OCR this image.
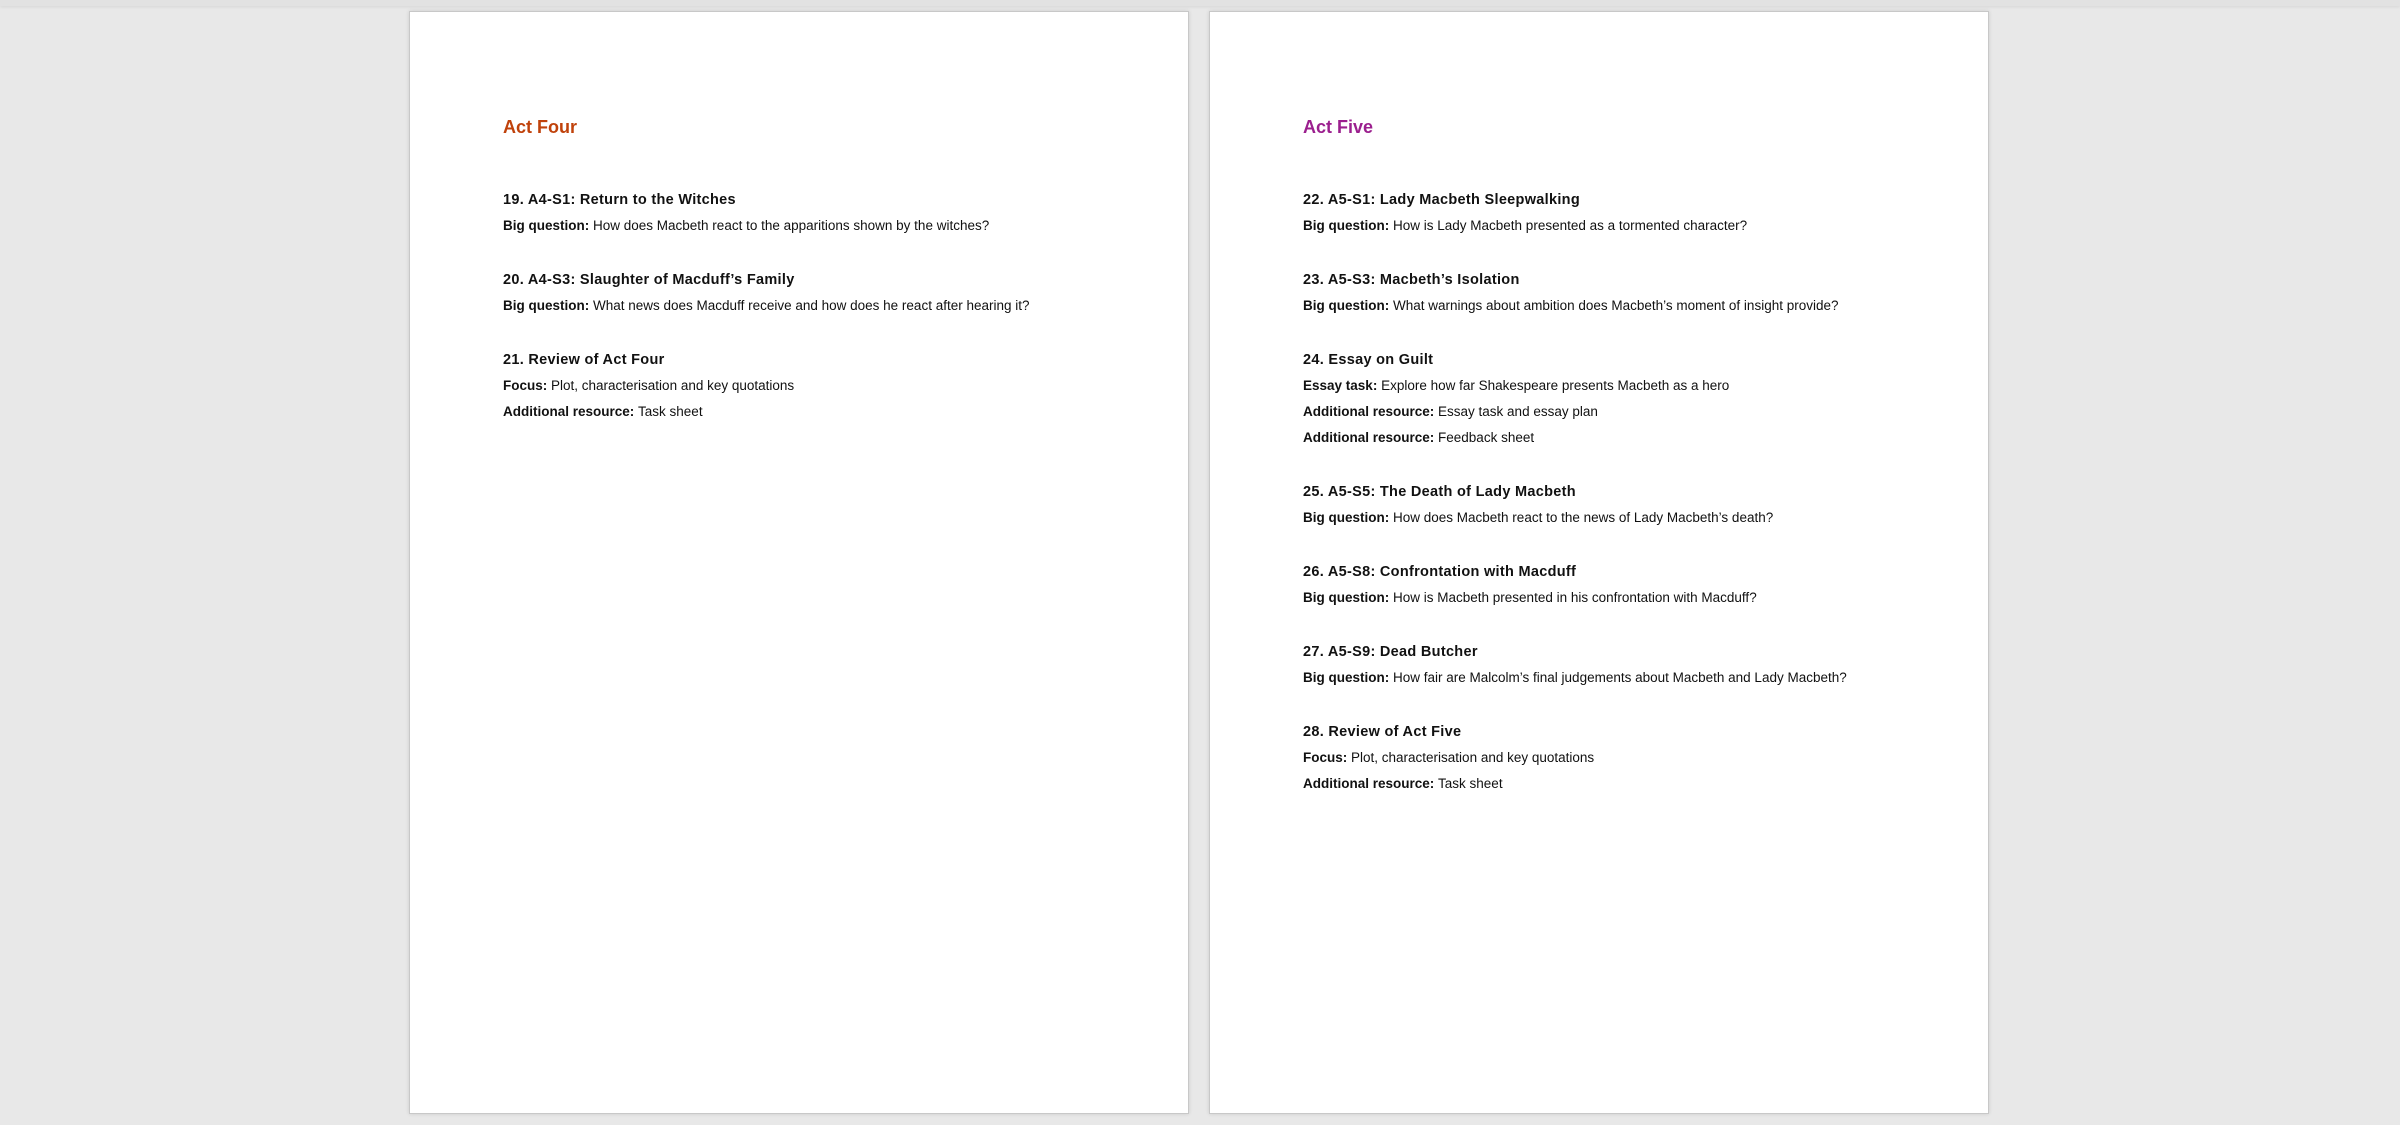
Act Four
19. A4-S1: Return to the Witches
Big question: How does Macbeth react to the apparitions shown by the witches?
20. A4-S3: Slaughter of Macduff’s Family
Big question: What news does Macduff receive and how does he react after hearing it?
21. Review of Act Four
Focus: Plot, characterisation and key quotations
Additional resource: Task sheet
Act Five
22. A5-S1: Lady Macbeth Sleepwalking
Big question: How is Lady Macbeth presented as a tormented character?
23. A5-S3: Macbeth’s Isolation
Big question: What warnings about ambition does Macbeth’s moment of insight provide?
24. Essay on Guilt
Essay task: Explore how far Shakespeare presents Macbeth as a hero
Additional resource: Essay task and essay plan
Additional resource: Feedback sheet
25. A5-S5: The Death of Lady Macbeth
Big question: How does Macbeth react to the news of Lady Macbeth’s death?
26. A5-S8: Confrontation with Macduff
Big question: How is Macbeth presented in his confrontation with Macduff?
27. A5-S9: Dead Butcher
Big question: How fair are Malcolm’s final judgements about Macbeth and Lady Macbeth?
28. Review of Act Five
Focus: Plot, characterisation and key quotations
Additional resource: Task sheet
